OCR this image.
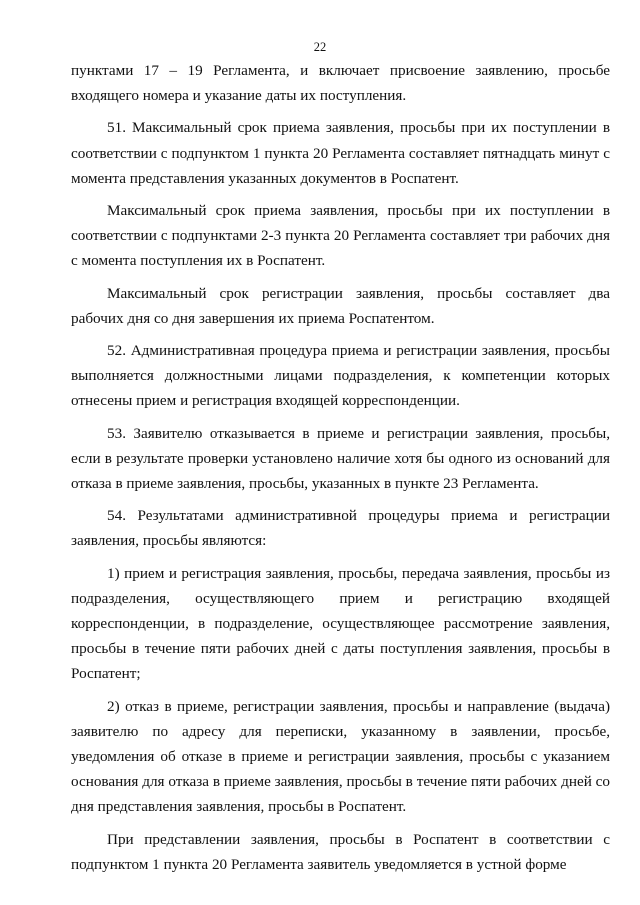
22

пунктами 17 – 19 Регламента, и включает присвоение заявлению, просьбе входящего номера и указание даты их поступления.

51. Максимальный срок приема заявления, просьбы при их поступлении в соответствии с подпунктом 1 пункта 20 Регламента составляет пятнадцать минут с момента представления указанных документов в Роспатент.

Максимальный срок приема заявления, просьбы при их поступлении в соответствии с подпунктами 2-3 пункта 20 Регламента составляет три рабочих дня с момента поступления их в Роспатент.

Максимальный срок регистрации заявления, просьбы составляет два рабочих дня со дня завершения их приема Роспатентом.

52. Административная процедура приема и регистрации заявления, просьбы выполняется должностными лицами подразделения, к компетенции которых отнесены прием и регистрация входящей корреспонденции.

53. Заявителю отказывается в приеме и регистрации заявления, просьбы, если в результате проверки установлено наличие хотя бы одного из оснований для отказа в приеме заявления, просьбы, указанных в пункте 23 Регламента.

54. Результатами административной процедуры приема и регистрации заявления, просьбы являются:

1) прием и регистрация заявления, просьбы, передача заявления, просьбы из подразделения, осуществляющего прием и регистрацию входящей корреспонденции, в подразделение, осуществляющее рассмотрение заявления, просьбы в течение пяти рабочих дней с даты поступления заявления, просьбы в Роспатент;

2) отказ в приеме, регистрации заявления, просьбы и направление (выдача) заявителю по адресу для переписки, указанному в заявлении, просьбе, уведомления об отказе в приеме и регистрации заявления, просьбы с указанием основания для отказа в приеме заявления, просьбы в течение пяти рабочих дней со дня представления заявления, просьбы в Роспатент.

При представлении заявления, просьбы в Роспатент в соответствии с подпунктом 1 пункта 20 Регламента заявитель уведомляется в устной форме
